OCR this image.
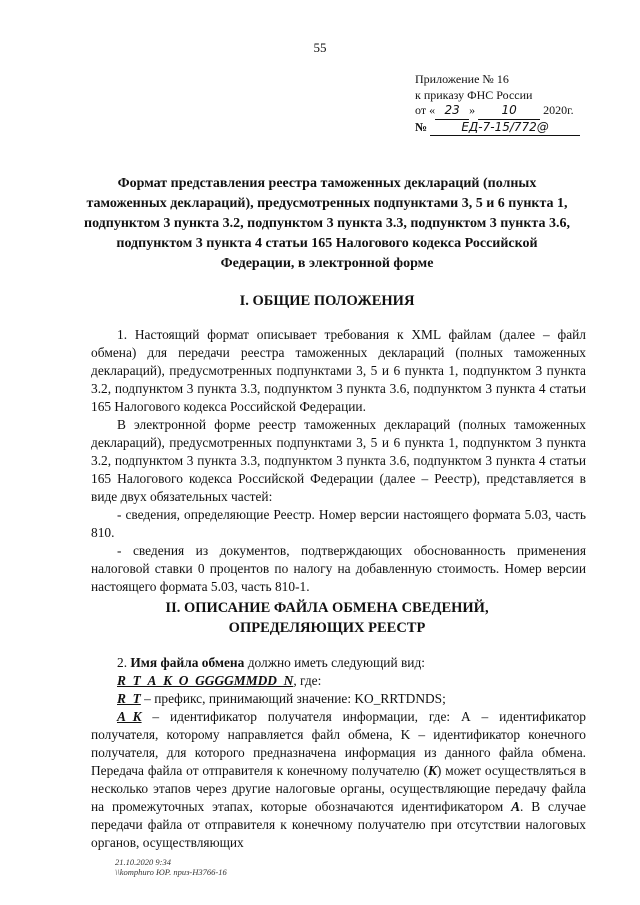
55
Приложение № 16
к приказу ФНС России
от « 23 » 10 2020г.
№	ЕД-7-15/772@
Формат представления реестра таможенных деклараций (полных таможенных деклараций), предусмотренных подпунктами 3, 5 и 6 пункта 1, подпунктом 3 пункта 3.2, подпунктом 3 пункта 3.3, подпунктом 3 пункта 3.6, подпунктом 3 пункта 4 статьи 165 Налогового кодекса Российской Федерации, в электронной форме
I. ОБЩИЕ ПОЛОЖЕНИЯ

1. Настоящий формат описывает требования к XML файлам (далее – файл обмена) для передачи реестра таможенных деклараций (полных таможенных деклараций), предусмотренных подпунктами 3, 5 и 6 пункта 1, подпунктом 3 пункта 3.2, подпунктом 3 пункта 3.3, подпунктом 3 пункта 3.6, подпунктом 3 пункта 4 статьи 165 Налогового кодекса Российской Федерации.

В электронной форме реестр таможенных деклараций (полных таможенных деклараций), предусмотренных подпунктами 3, 5 и 6 пункта 1, подпунктом 3 пункта 3.2, подпунктом 3 пункта 3.3, подпунктом 3 пункта 3.6, подпунктом 3 пункта 4 статьи 165 Налогового кодекса Российской Федерации (далее – Реестр), представляется в виде двух обязательных частей:

- сведения, определяющие Реестр. Номер версии настоящего формата 5.03, часть 810.

- сведения из документов, подтверждающих обоснованность применения налоговой ставки 0 процентов по налогу на добавленную стоимость. Номер версии настоящего формата 5.03, часть 810-1.

II. ОПИСАНИЕ ФАЙЛА ОБМЕНА СВЕДЕНИЙ,
ОПРЕДЕЛЯЮЩИХ РЕЕСТР

2. Имя файла обмена должно иметь следующий вид:

R_T_A_K_O_GGGGMMDD_N, где:

R_T – префикс, принимающий значение: KO_RRTDNDS;

A_K – идентификатор получателя информации, где: А – идентификатор получателя, которому направляется файл обмена, K – идентификатор конечного получателя, для которого предназначена информация из данного файла обмена. Передача файла от отправителя к конечному получателю (K) может осуществляться в несколько этапов через другие налоговые органы, осуществляющие передачу файла на промежуточных этапах, которые обозначаются идентификатором А. В случае передачи файла от отправителя к конечному получателю при отсутствии налоговых органов, осуществляющих

21.10.2020 9:34
\\komphuro ЮР. приз-Н3766-16
